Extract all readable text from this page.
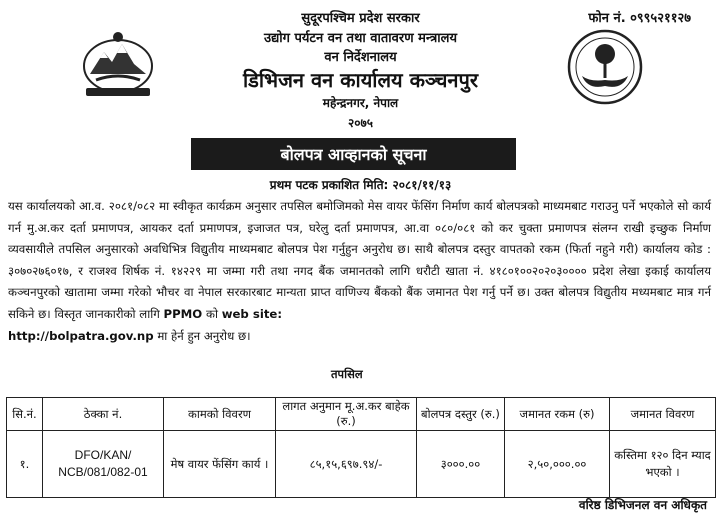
सुदूरपश्चिम प्रदेश सरकार
उद्योग पर्यटन वन तथा वातावरण मन्त्रालय
वन निर्देशनालय
डिभिजन वन कार्यालय कञ्चनपुर
महेन्द्रनगर, नेपाल
२०७५
फोन नं. ०९९५२११२७
बोलपत्र आव्हानको सूचना
प्रथम पटक प्रकाशित मिति: २०८१/११/१३

यस कार्यालयको आ.व. २०८१/०८२ मा स्वीकृत कार्यक्रम अनुसार तपसिल बमोजिमको मेस वायर फेंसिंग निर्माण कार्य बोलपत्रको माध्यमबाट गराउनु पर्ने भएकोले सो कार्य गर्न मु.अ.कर दर्ता प्रमाणपत्र, आयकर दर्ता प्रमाणपत्र, इजाजत पत्र, घरेलु दर्ता प्रमाणपत्र, आ.वा ०८०/०८१ को कर चुक्ता प्रमाणपत्र संलग्न राखी इच्छुक निर्माण व्यवसायीले तपसिल अनुसारको अवधिभित्र विद्युतीय माध्यमबाट बोलपत्र पेश गर्नुहुन अनुरोध छ। साथै बोलपत्र दस्तुर वापतको रकम (फिर्ता नहुने गरी) कार्यालय कोड : ३०७०२७६०१७, र राजश्व शिर्षक नं. १४२२९ मा जम्मा गरी तथा नगद बैंक जमानतको लागि धरौटी खाता नं. ४१८०१००२०२०३०००० प्रदेश लेखा इकाई कार्यालय कञ्चनपुरको खातामा जम्मा गरेको भौचर वा नेपाल सरकारबाट मान्यता प्राप्त वाणिज्य बैंकको बैंक जमानत पेश गर्नु पर्ने छ। उक्त बोलपत्र विद्युतीय मध्यमबाट मात्र गर्न सकिने छ। विस्तृत जानकारीको लागि PPMO को web site:
http://bolpatra.gov.np मा हेर्न हुन अनुरोध छ।

तपसिल
सि.नं.	ठेक्का नं.	कामको विवरण	लागत अनुमान मू.अ.कर बाहेक (रु.)	बोलपत्र दस्तुर (रु.)	जमानत रकम (रु)	जमानत विवरण
१.	DFO/KAN/ NCB/081/082-01	मेष वायर फेंसिंग कार्य ।	८५,१५,६९७.९४/-	३०००.००	२,५०,०००.००	कस्तिमा १२० दिन म्याद भएको ।
वरिष्ठ डिभिजनल वन अधिकृत
